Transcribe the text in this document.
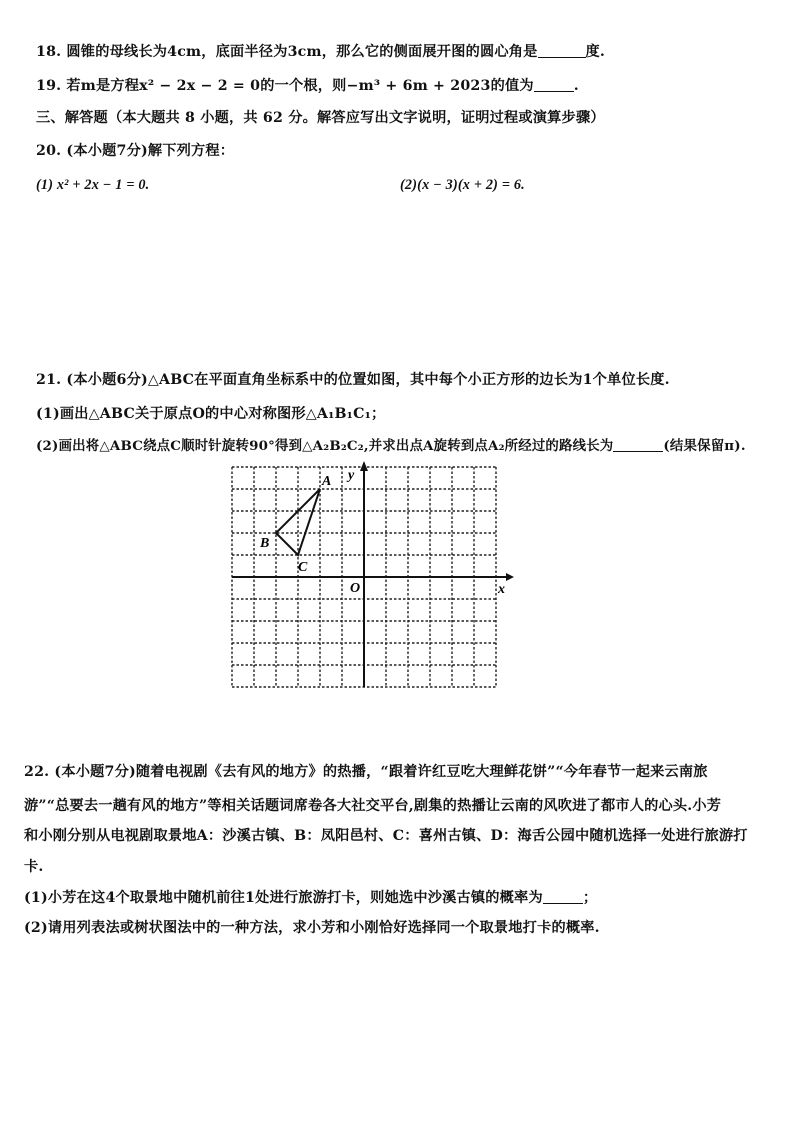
18. 圆锥的母线长为4cm，底面半径为3cm，那么它的侧面展开图的圆心角是	度.
19. 若m是方程x² − 2x − 2 = 0的一个根，则−m³ + 6m + 2023的值为	.
三、解答题（本大题共 8 小题，共 62 分。解答应写出文字说明，证明过程或演算步骤）
20. (本小题7分)解下列方程：
(1) x² + 2x − 1 = 0.	(2)(x − 3)(x + 2) = 6.
21. (本小题6分)△ABC在平面直角坐标系中的位置如图，其中每个小正方形的边长为1个单位长度.
(1)画出△ABC关于原点O的中心对称图形△A₁B₁C₁；
(2)画出将△ABC绕点C顺时针旋转90°得到△A₂B₂C₂,并求出点A旋转到点A₂所经过的路线长为	(结果保留π).
x
y
O
A
B
C
22. (本小题7分)随着电视剧《去有风的地方》的热播，“跟着许红豆吃大理鲜花饼”“今年春节一起来云南旅
游”“总要去一趟有风的地方”等相关话题词席卷各大社交平台,剧集的热播让云南的风吹进了都市人的心头.小芳
和小刚分别从电视剧取景地A：沙溪古镇、B：凤阳邑村、C：喜州古镇、D：海舌公园中随机选择一处进行旅游打
卡.
(1)小芳在这4个取景地中随机前往1处进行旅游打卡，则她选中沙溪古镇的概率为	；
(2)请用列表法或树状图法中的一种方法，求小芳和小刚恰好选择同一个取景地打卡的概率.
